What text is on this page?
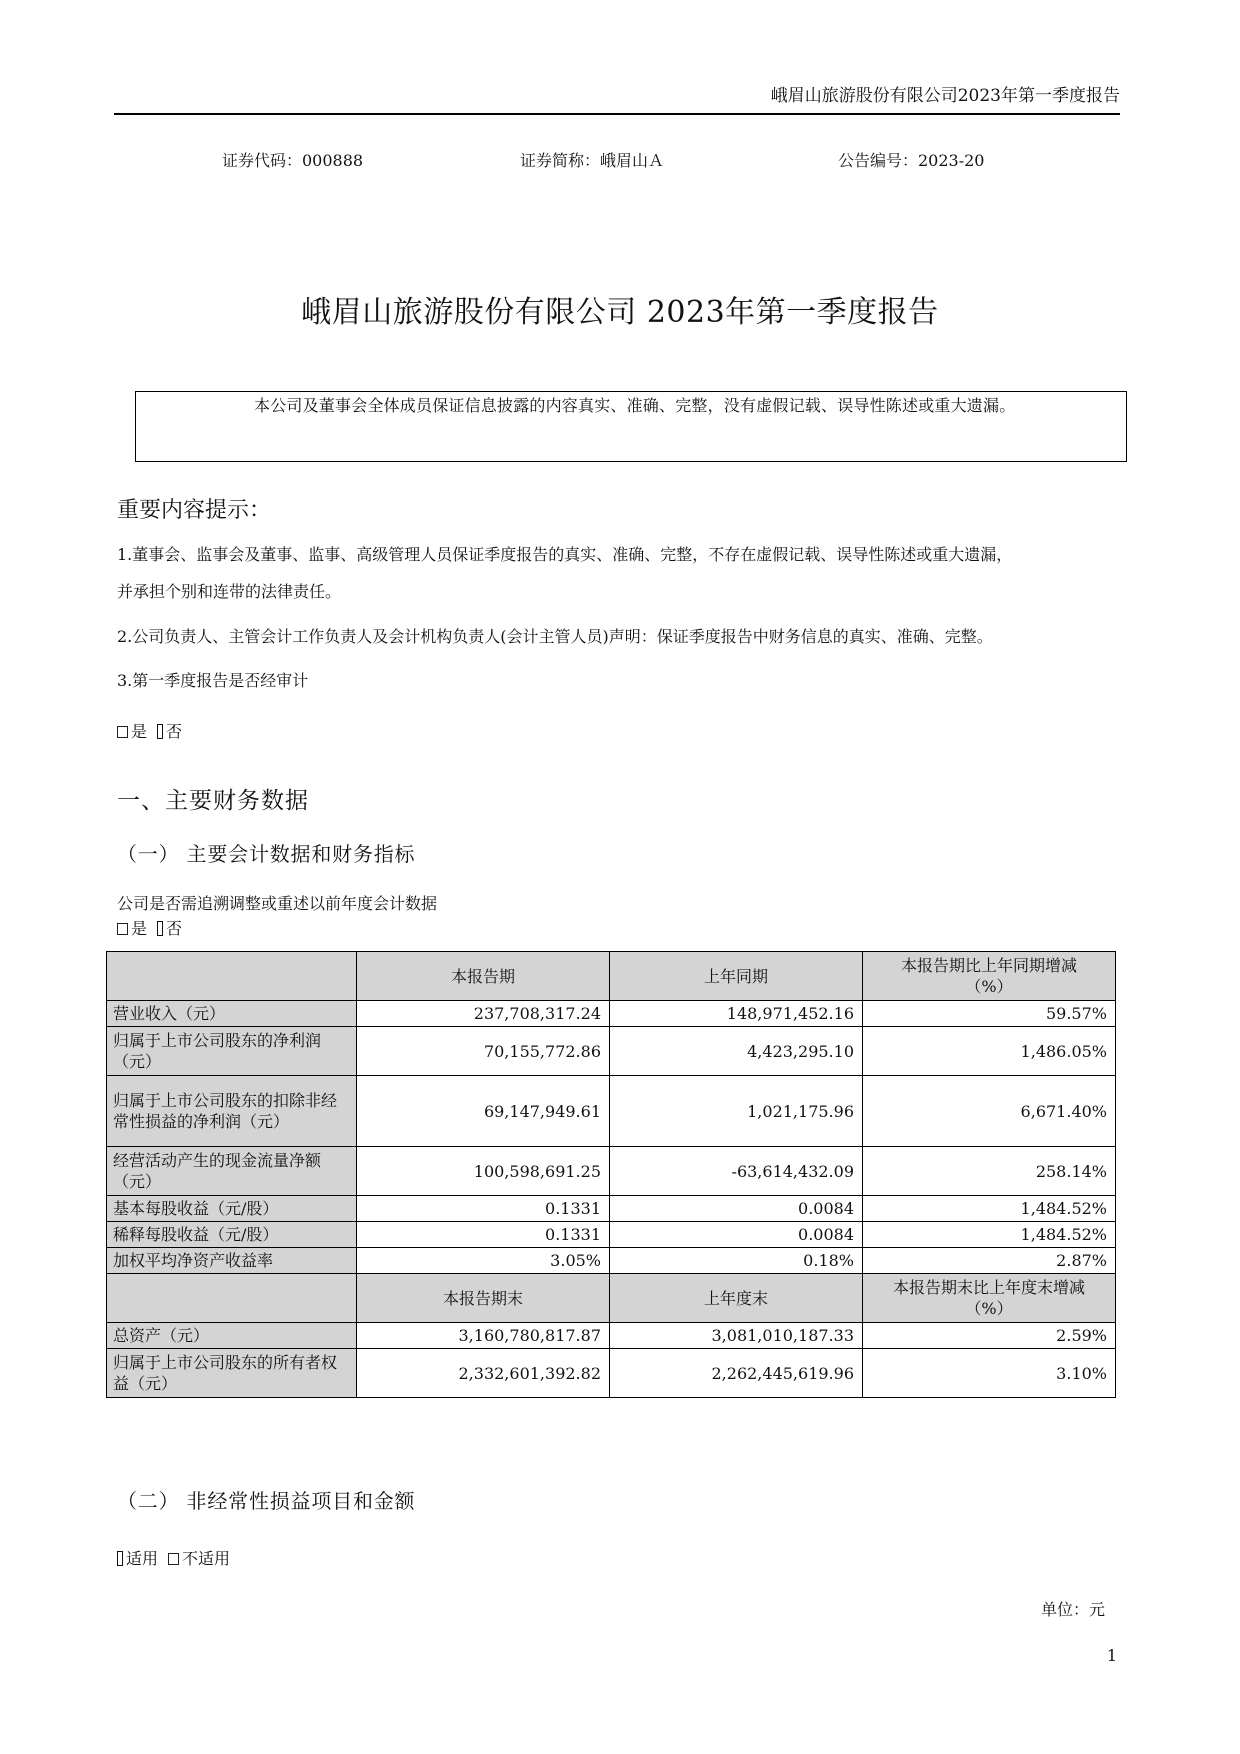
峨眉山旅游股份有限公司2023年第一季度报告
证券代码：000888	证券简称：峨眉山Ａ	公告编号：2023-20
峨眉山旅游股份有限公司 2023年第一季度报告
本公司及董事会全体成员保证信息披露的内容真实、准确、完整，没有虚假记载、误导性陈述或重大遗漏。
重要内容提示：
1.董事会、监事会及董事、监事、高级管理人员保证季度报告的真实、准确、完整，不存在虚假记载、误导性陈述或重大遗漏，
并承担个别和连带的法律责任。
2.公司负责人、主管会计工作负责人及会计机构负责人(会计主管人员)声明：保证季度报告中财务信息的真实、准确、完整。
3.第一季度报告是否经审计
是 否
一、主要财务数据
（一） 主要会计数据和财务指标
公司是否需追溯调整或重述以前年度会计数据
是 否
	本报告期	上年同期	本报告期比上年同期增减
（%）

营业收入（元）	237,708,317.24	148,971,452.16	59.57%
归属于上市公司股东的净利润（元）	70,155,772.86	4,423,295.10	1,486.05%
归属于上市公司股东的扣除非经常性损益的净利润（元）	69,147,949.61	1,021,175.96	6,671.40%
经营活动产生的现金流量净额（元）	100,598,691.25	-63,614,432.09	258.14%
基本每股收益（元/股）	0.1331	0.0084	1,484.52%
稀释每股收益（元/股）	0.1331	0.0084	1,484.52%
加权平均净资产收益率	3.05%	0.18%	2.87%
	本报告期末	上年度末	本报告期末比上年度末增减
（%）

总资产（元）	3,160,780,817.87	3,081,010,187.33	2.59%
归属于上市公司股东的所有者权益（元）	2,332,601,392.82	2,262,445,619.96	3.10%
（二） 非经常性损益项目和金额
适用 不适用
单位：元
1
